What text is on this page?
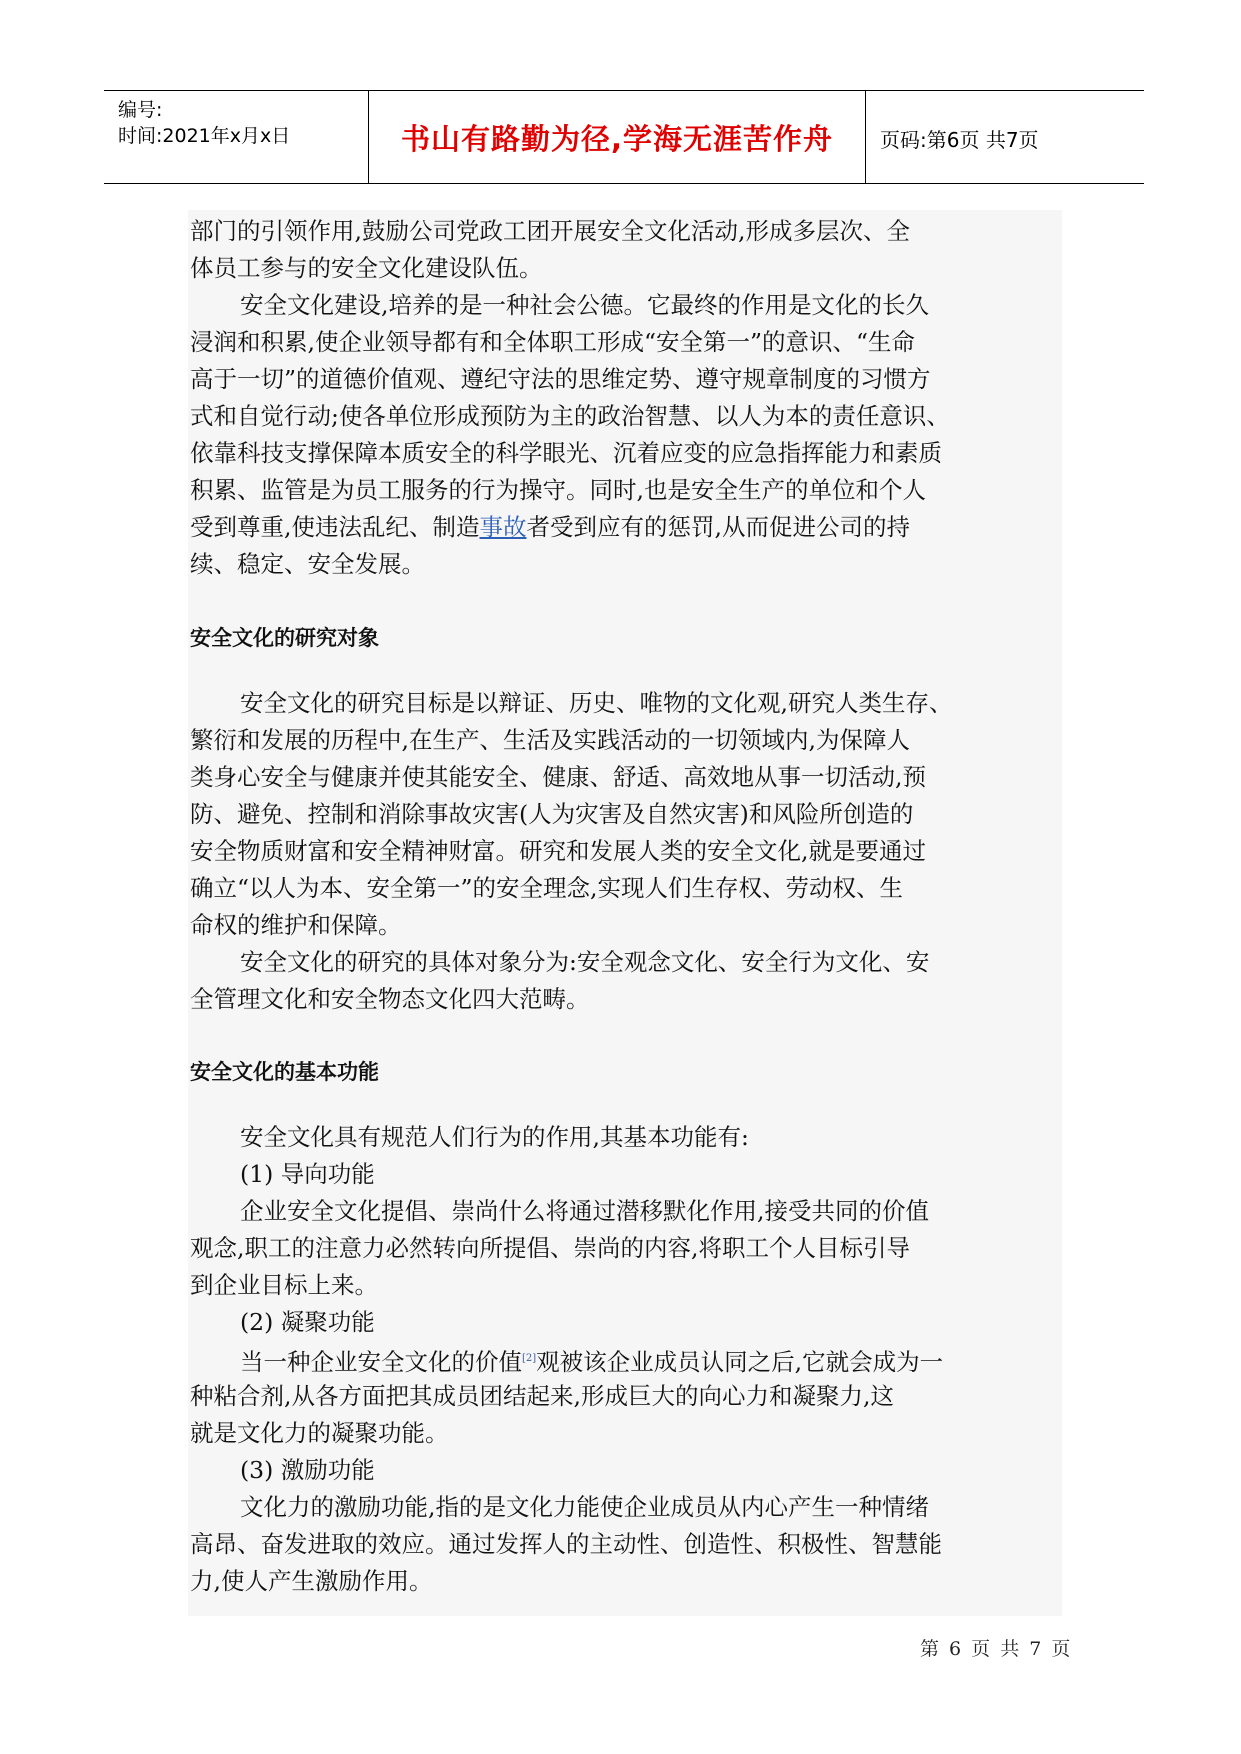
编号:
时间:2021年x月x日	书山有路勤为径,学海无涯苦作舟	页码:第6页 共7页
部门的引领作用,鼓励公司党政工团开展安全文化活动,形成多层次、全
体员工参与的安全文化建设队伍。
安全文化建设,培养的是一种社会公德。它最终的作用是文化的长久
浸润和积累,使企业领导都有和全体职工形成“安全第一”的意识、“生命
高于一切”的道德价值观、遵纪守法的思维定势、遵守规章制度的习惯方
式和自觉行动;使各单位形成预防为主的政治智慧、以人为本的责任意识、
依靠科技支撑保障本质安全的科学眼光、沉着应变的应急指挥能力和素质
积累、监管是为员工服务的行为操守。同时,也是安全生产的单位和个人
受到尊重,使违法乱纪、制造事故者受到应有的惩罚,从而促进公司的持
续、稳定、安全发展。
安全文化的研究对象
安全文化的研究目标是以辩证、历史、唯物的文化观,研究人类生存、
繁衍和发展的历程中,在生产、生活及实践活动的一切领域内,为保障人
类身心安全与健康并使其能安全、健康、舒适、高效地从事一切活动,预
防、避免、控制和消除事故灾害(人为灾害及自然灾害)和风险所创造的
安全物质财富和安全精神财富。研究和发展人类的安全文化,就是要通过
确立“以人为本、安全第一”的安全理念,实现人们生存权、劳动权、生
命权的维护和保障。
安全文化的研究的具体对象分为:安全观念文化、安全行为文化、安
全管理文化和安全物态文化四大范畴。
安全文化的基本功能
安全文化具有规范人们行为的作用,其基本功能有:
(1) 导向功能
企业安全文化提倡、崇尚什么将通过潜移默化作用,接受共同的价值
观念,职工的注意力必然转向所提倡、崇尚的内容,将职工个人目标引导
到企业目标上来。
(2) 凝聚功能
当一种企业安全文化的价值[2]观被该企业成员认同之后,它就会成为一
种粘合剂,从各方面把其成员团结起来,形成巨大的向心力和凝聚力,这
就是文化力的凝聚功能。
(3) 激励功能
文化力的激励功能,指的是文化力能使企业成员从内心产生一种情绪
高昂、奋发进取的效应。通过发挥人的主动性、创造性、积极性、智慧能
力,使人产生激励作用。
第 6 页 共 7 页
